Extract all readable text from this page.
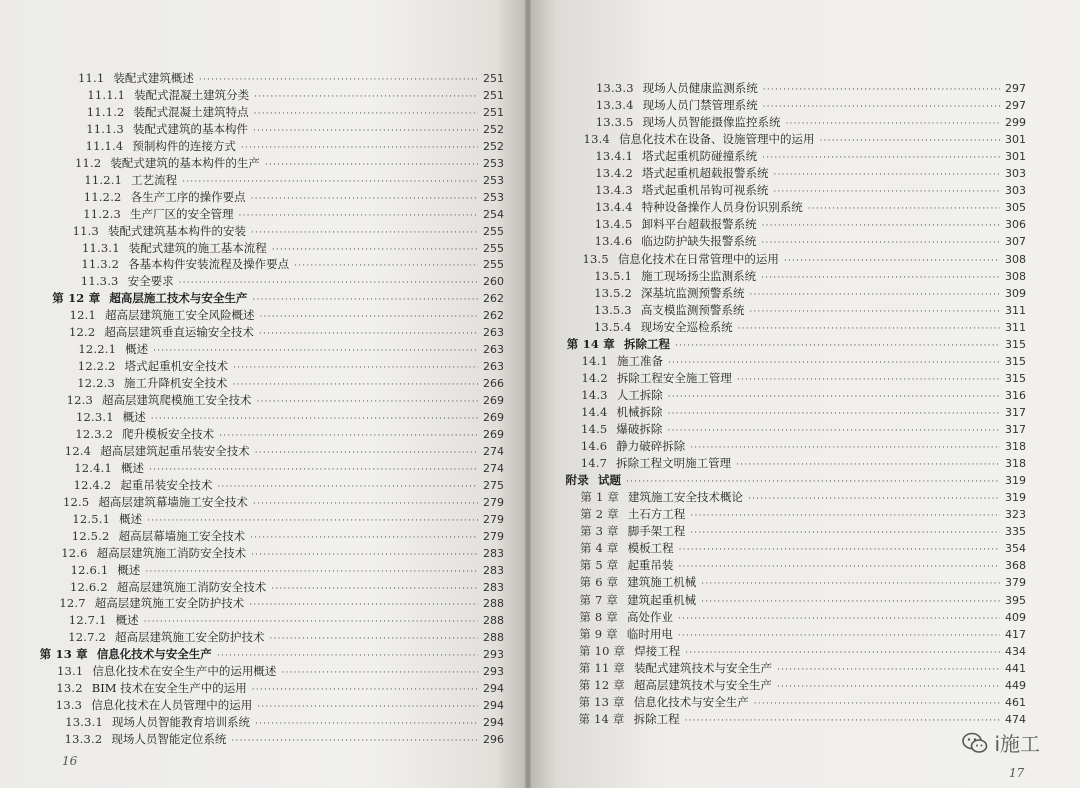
11.1 装配式建筑概述 ·····	251
11.1.1 装配式混凝土建筑分类 ·····	251
11.1.2 装配式混凝土建筑特点 ·····	251
11.1.3 装配式建筑的基本构件 ·····	252
11.1.4 预制构件的连接方式 ·····	252
11.2 装配式建筑的基本构件的生产 ·····	253
11.2.1 工艺流程 ·····	253
11.2.2 各生产工序的操作要点 ·····	253
11.2.3 生产厂区的安全管理 ·····	254
11.3 装配式建筑基本构件的安装 ·····	255
11.3.1 装配式建筑的施工基本流程 ·····	255
11.3.2 各基本构件安装流程及操作要点 ·····	255
11.3.3 安全要求 ·····	260
第 12 章 超高层施工技术与安全生产 ·····	262
12.1 超高层建筑施工安全风险概述 ·····	262
12.2 超高层建筑垂直运输安全技术 ·····	263
12.2.1 概述 ·····	263
12.2.2 塔式起重机安全技术 ·····	263
12.2.3 施工升降机安全技术 ·····	266
12.3 超高层建筑爬模施工安全技术 ·····	269
12.3.1 概述 ·····	269
12.3.2 爬升模板安全技术 ·····	269
12.4 超高层建筑起重吊装安全技术 ·····	274
12.4.1 概述 ·····	274
12.4.2 起重吊装安全技术 ·····	275
12.5 超高层建筑幕墙施工安全技术 ·····	279
12.5.1 概述 ·····	279
12.5.2 超高层幕墙施工安全技术 ·····	279
12.6 超高层建筑施工消防安全技术 ·····	283
12.6.1 概述 ·····	283
12.6.2 超高层建筑施工消防安全技术 ·····	283
12.7 超高层建筑施工安全防护技术 ·····	288
12.7.1 概述 ·····	288
12.7.2 超高层建筑施工安全防护技术 ·····	288
第 13 章 信息化技术与安全生产 ·····	293
13.1 信息化技术在安全生产中的运用概述 ·····	293
13.2 BIM 技术在安全生产中的运用 ·····	294
13.3 信息化技术在人员管理中的运用 ·····	294
13.3.1 现场人员智能教育培训系统 ·····	294
13.3.2 现场人员智能定位系统 ·····	296
16
13.3.3 现场人员健康监测系统 ·····	297
13.3.4 现场人员门禁管理系统 ·····	297
13.3.5 现场人员智能摄像监控系统 ·····	299
13.4 信息化技术在设备、设施管理中的运用 ·····	301
13.4.1 塔式起重机防碰撞系统 ·····	301
13.4.2 塔式起重机超载报警系统 ·····	303
13.4.3 塔式起重机吊钩可视系统 ·····	303
13.4.4 特种设备操作人员身份识别系统 ·····	305
13.4.5 卸料平台超载报警系统 ·····	306
13.4.6 临边防护缺失报警系统 ·····	307
13.5 信息化技术在日常管理中的运用 ·····	308
13.5.1 施工现场扬尘监测系统 ·····	308
13.5.2 深基坑监测预警系统 ·····	309
13.5.3 高支模监测预警系统 ·····	311
13.5.4 现场安全巡检系统 ·····	311
第 14 章 拆除工程 ·····	315
14.1 施工准备 ·····	315
14.2 拆除工程安全施工管理 ·····	315
14.3 人工拆除 ·····	316
14.4 机械拆除 ·····	317
14.5 爆破拆除 ·····	317
14.6 静力破碎拆除 ·····	318
14.7 拆除工程文明施工管理 ·····	318
附录 试题 ·····	319
第 1 章 建筑施工安全技术概论 ·····	319
第 2 章 土石方工程 ·····	323
第 3 章 脚手架工程 ·····	335
第 4 章 模板工程 ·····	354
第 5 章 起重吊装 ·····	368
第 6 章 建筑施工机械 ·····	379
第 7 章 建筑起重机械 ·····	395
第 8 章 高处作业 ·····	409
第 9 章 临时用电 ·····	417
第 10 章 焊接工程 ·····	434
第 11 章 装配式建筑技术与安全生产 ·····	441
第 12 章 超高层建筑技术与安全生产 ·····	449
第 13 章 信息化技术与安全生产 ·····	461
第 14 章 拆除工程 ·····	474
17
i施工
